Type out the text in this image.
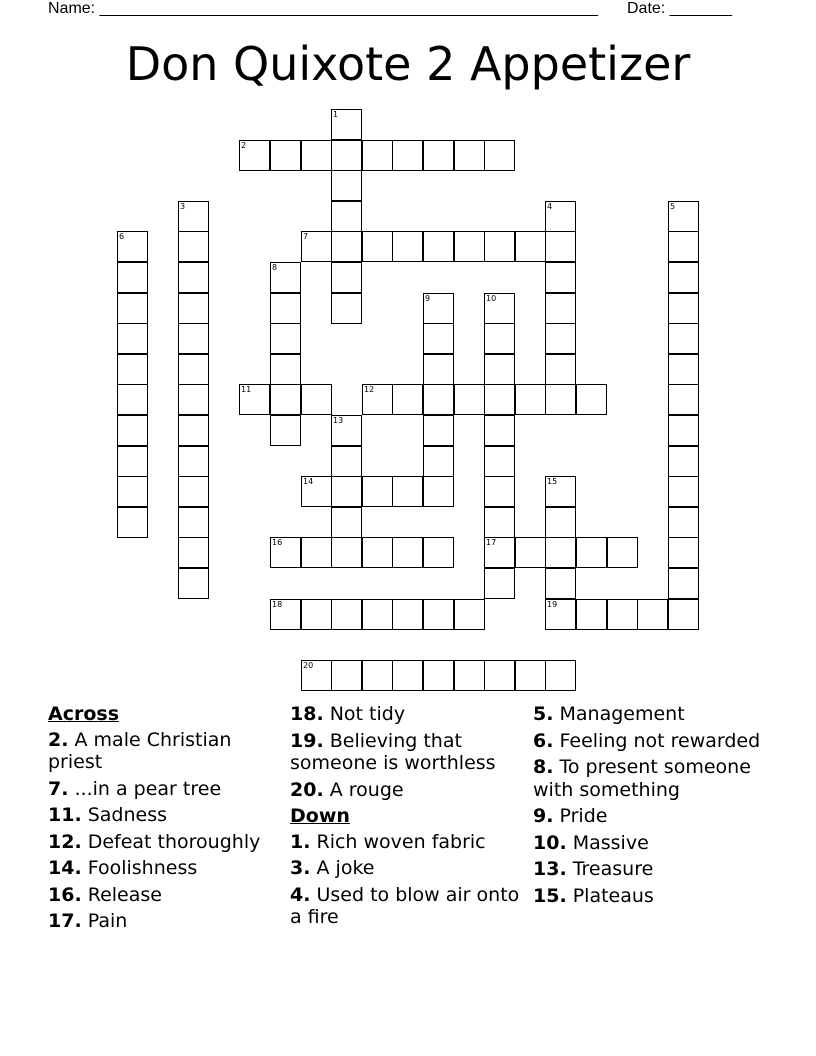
Name: ________________________________________________________ Date: _______
Don Quixote 2 Appetizer
1
2
3	4	5
6	7
8
9	10
17
11	12
13
14	15
19
16
18
20
Across
2. A male Christian priest
7. ...in a pear tree
11. Sadness
12. Defeat thoroughly
14. Foolishness
16. Release
17. Pain
18. Not tidy
19. Believing that someone is worthless
20. A rouge
Down
1. Rich woven fabric
3. A joke
4. Used to blow air onto a fire
5. Management
6. Feeling not rewarded
8. To present someone with something
9. Pride
10. Massive
13. Treasure
15. Plateaus
